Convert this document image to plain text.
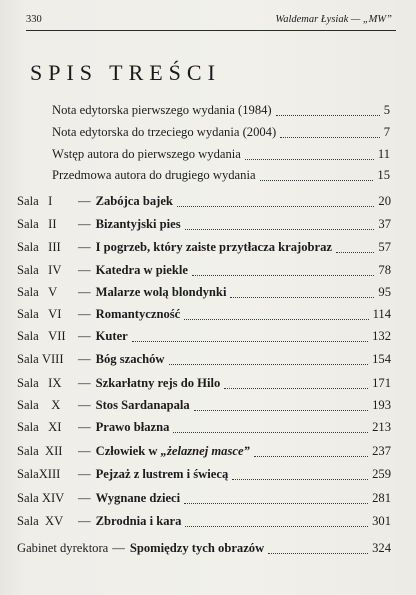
330	Waldemar Łysiak — „MW”
SPIS TREŚCI
Nota edytorska pierwszego wydania (1984)	5
Nota edytorska do trzeciego wydania (2004)	7
Wstęp autora do pierwszego wydania	11
Przedmowa autora do drugiego wydania	15
Sala I	— Zabójca bajek	20
Sala II	— Bizantyjski pies	37
Sala III	— I pogrzeb, który zaiste przytłacza krajobraz	57
Sala IV	— Katedra w piekle	78
Sala V	— Malarze wolą blondynki	95
Sala VI	— Romantyczność	114
Sala VII — Kuter	132
Sala VIII	— Bóg szachów	154
Sala IX	— Szkarłatny rejs do Hilo	171
Sala X	— Stos Sardanapala	193
Sala XI	— Prawo błazna	213
Sala XII	— Człowiek w „żelaznej masce”	237
SalaXIII	— Pejzaż z lustrem i świecą	259
Sala XIV	— Wygnane dzieci	281
Sala XV	— Zbrodnia i kara	301
Gabinet dyrektora — Spomiędzy tych obrazów	324
